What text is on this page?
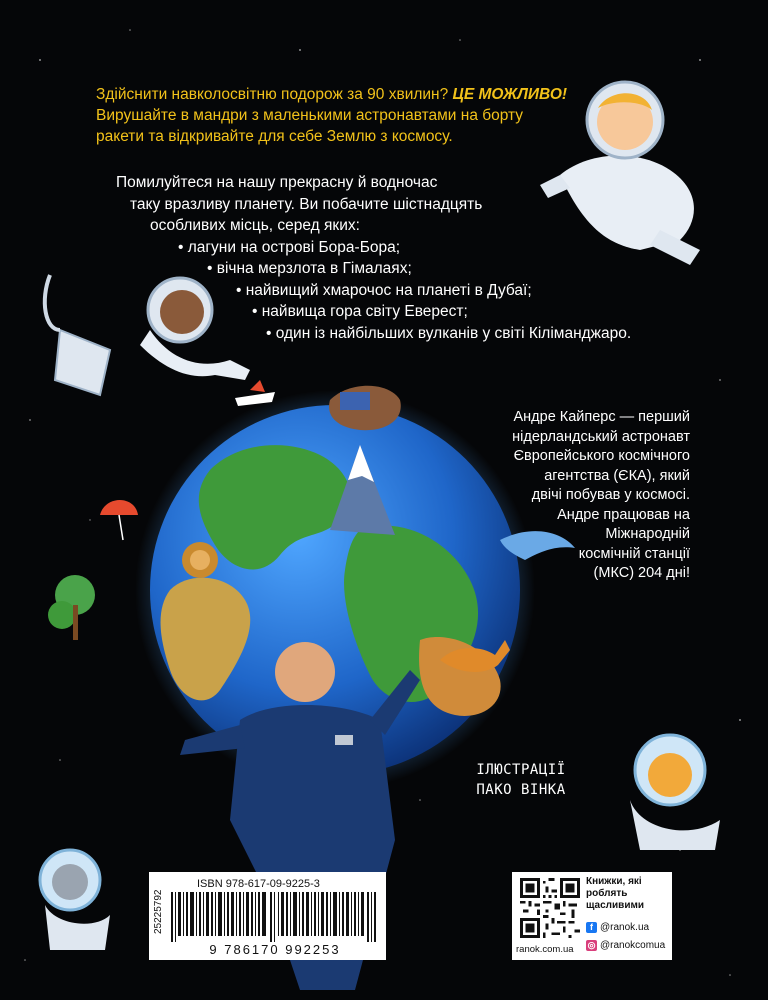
Здійснити навколосвітню подорож за 90 хвилин? ЦЕ МОЖЛИВО!
Вирушайте в мандри з маленькими астронавтами на борту
ракети та відкривайте для себе Землю з космосу.
Помилуйтеся на нашу прекрасну й водночас
таку вразливу планету. Ви побачите шістнадцять
особливих місць, серед яких:
• лагуни на острові Бора-Бора;
• вічна мерзлота в Гімалаях;
• найвищий хмарочос на планеті в Дубаї;
• найвища гора світу Еверест;
• один із найбільших вулканів у світі Кіліманджаро.
Андре Кайперс — перший
нідерландський астронавт
Європейського космічного
агентства (ЄКА), який
двічі побував у космосі.
Андре працював на
Міжнародній
космічній станції
(МКС) 204 дні!
ІЛЮСТРАЦІЇ
ПАКО ВІНКА
ISBN 978-617-09-9225-3
25225792
9 786170 992253	ranok.com.ua
Книжки, які роблять щасливими
f @ranok.ua
◎ @ranokcomua
